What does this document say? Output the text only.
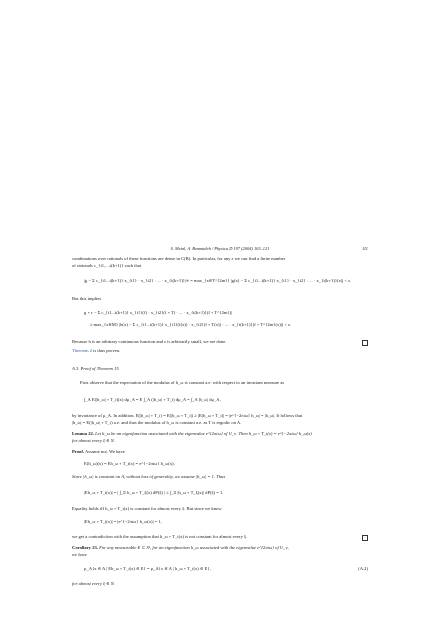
S. Meinl, A. Bemmaleh / Physica D 197 (2004) 103–121	111
combinations over rationals of these functions are dense in C(B). In particular, for any ε we can find a finite number
of rationals c_{i1,...,i(k+1)} such that
|g − Σ c_{i1...i(k+1)} x_{i1} · x_{i2} · ... · x_{i(k+1)}|∞ = max_{x∈T^{2m}} |g(x) − Σ c_{i1...i(k+1)} x_{i1} · x_{i2} · ... · x_{i(k+1)}(x)| < ε.
But this implies
g ∘ τ − Σ c_{i1...i(k+1)} x_{i1}(f) · x_{i2}(f ∘ T) · ... · x_{i(k+1)}(f ∘ T^{2m})|
≥ max_{x∈M} |h(x) − Σ c_{i1...i(k+1)} x_{i1}(f(x)) · x_{i2}(f ∘ T(x)) · ... · x_{i(k+1)}(f ∘ T^{2m}(x))| < ε.
Because h is an arbitrary continuous function and ε is arbitrarily small, we are done.
Theorem 2 is thus proven.
A.3. Proof of Theorem 15
First observe that the expectation of the modulus of h_ω is constant a.e. with respect to an invariant measure as
∫_A E(|h_ω| ∘ T_i)(x) dμ_A = E ∫_A (|h_ω| ∘ T_i) dμ_A = ∫_A |h_ω| dμ_A,
by invariance of μ_A. In addition, E(|h_ω| ∘ T_i) = E(|h_ω ∘ T_i|) ≥ |E(h_ω ∘ T_i)| = |e^{−2πiω} h_ω| = |h_ω|. It follows that
|h_ω| = E(|h_ω| ∘ T_i) a.e. and thus the modulus of h_ω is constant a.e. as T is ergodic on A.
Lemma 22. Let h_ω be an eigenfunction associated with the eigenvalue e^{2πiω} of U_ν. Then h_ω ∘ T_i(x) = e^{−2πiω} h_ω(x)
for almost every ξ ∈ N.
Proof. Assume not. We have
E(h_ω)(x) = Eh_ω ∘ T_i(x) = e^{−2πiω} h_ω(x).
Since |h_ω| is constant on A, without loss of generality, we assume |h_ω| = 1. Thus
|Eh_ω ∘ T_i(x)| = | ∫_Ξ h_ω ∘ T_ξ(x) dP(ξ) | ≤ ∫_Ξ |h_ω ∘ T_ξ(x)| dP(ξ) = 1.
Equality holds iff h_ω ∘ T_i(x) is constant for almost every ξ. But since we know
|Eh_ω ∘ T_i(x)| = |e^{−2πiω} h_ω(x)| = 1,
we get a contradiction with the assumption that h_ω ∘ T_i(x) is not constant for almost every ξ.
Corollary 23. For any measurable E ⊂ S¹, for an eigenfunction h_ω associated with the eigenvalue e^{2πiω} of U_ν,
we have
μ_A{x ∈ A | Eh_ω ∘ T_i(x) ∈ E} = μ_A{x ∈ A | h_ω ∘ T_i(x) ∈ E},	(A.2)
for almost every ξ ∈ N.
